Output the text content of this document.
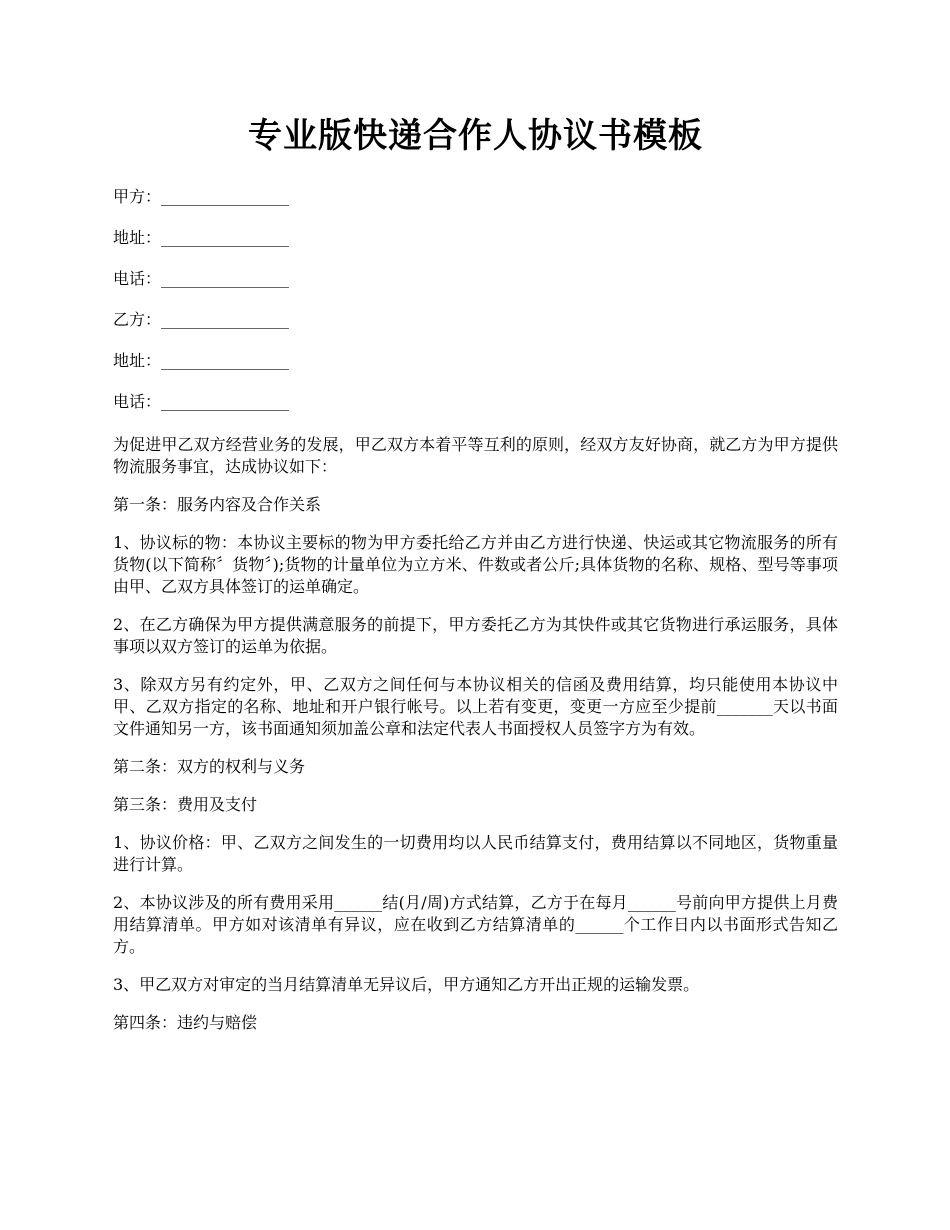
专业版快递合作人协议书模板

甲方：________________

地址：________________

电话：________________

乙方：________________

地址：________________

电话：________________

为促进甲乙双方经营业务的发展，甲乙双方本着平等互利的原则，经双方友好协商，就乙方为甲方提供物流服务事宜，达成协议如下：

第一条：服务内容及合作关系

1、协议标的物：本协议主要标的物为甲方委托给乙方并由乙方进行快递、快运或其它物流服务的所有货物(以下简称〞货物〞);货物的计量单位为立方米、件数或者公斤;具体货物的名称、规格、型号等事项由甲、乙双方具体签订的运单确定。

2、在乙方确保为甲方提供满意服务的前提下，甲方委托乙方为其快件或其它货物进行承运服务，具体事项以双方签订的运单为依据。

3、除双方另有约定外，甲、乙双方之间任何与本协议相关的信函及费用结算，均只能使用本协议中甲、乙双方指定的名称、地址和开户银行帐号。以上若有变更，变更一方应至少提前_______天以书面文件通知另一方，该书面通知须加盖公章和法定代表人书面授权人员签字方为有效。

第二条：双方的权利与义务

第三条：费用及支付

1、协议价格：甲、乙双方之间发生的一切费用均以人民币结算支付，费用结算以不同地区，货物重量进行计算。

2、本协议涉及的所有费用采用______结(月/周)方式结算，乙方于在每月______号前向甲方提供上月费用结算清单。甲方如对该清单有异议，应在收到乙方结算清单的______个工作日内以书面形式告知乙方。

3、甲乙双方对审定的当月结算清单无异议后，甲方通知乙方开出正规的运输发票。

第四条：违约与赔偿
